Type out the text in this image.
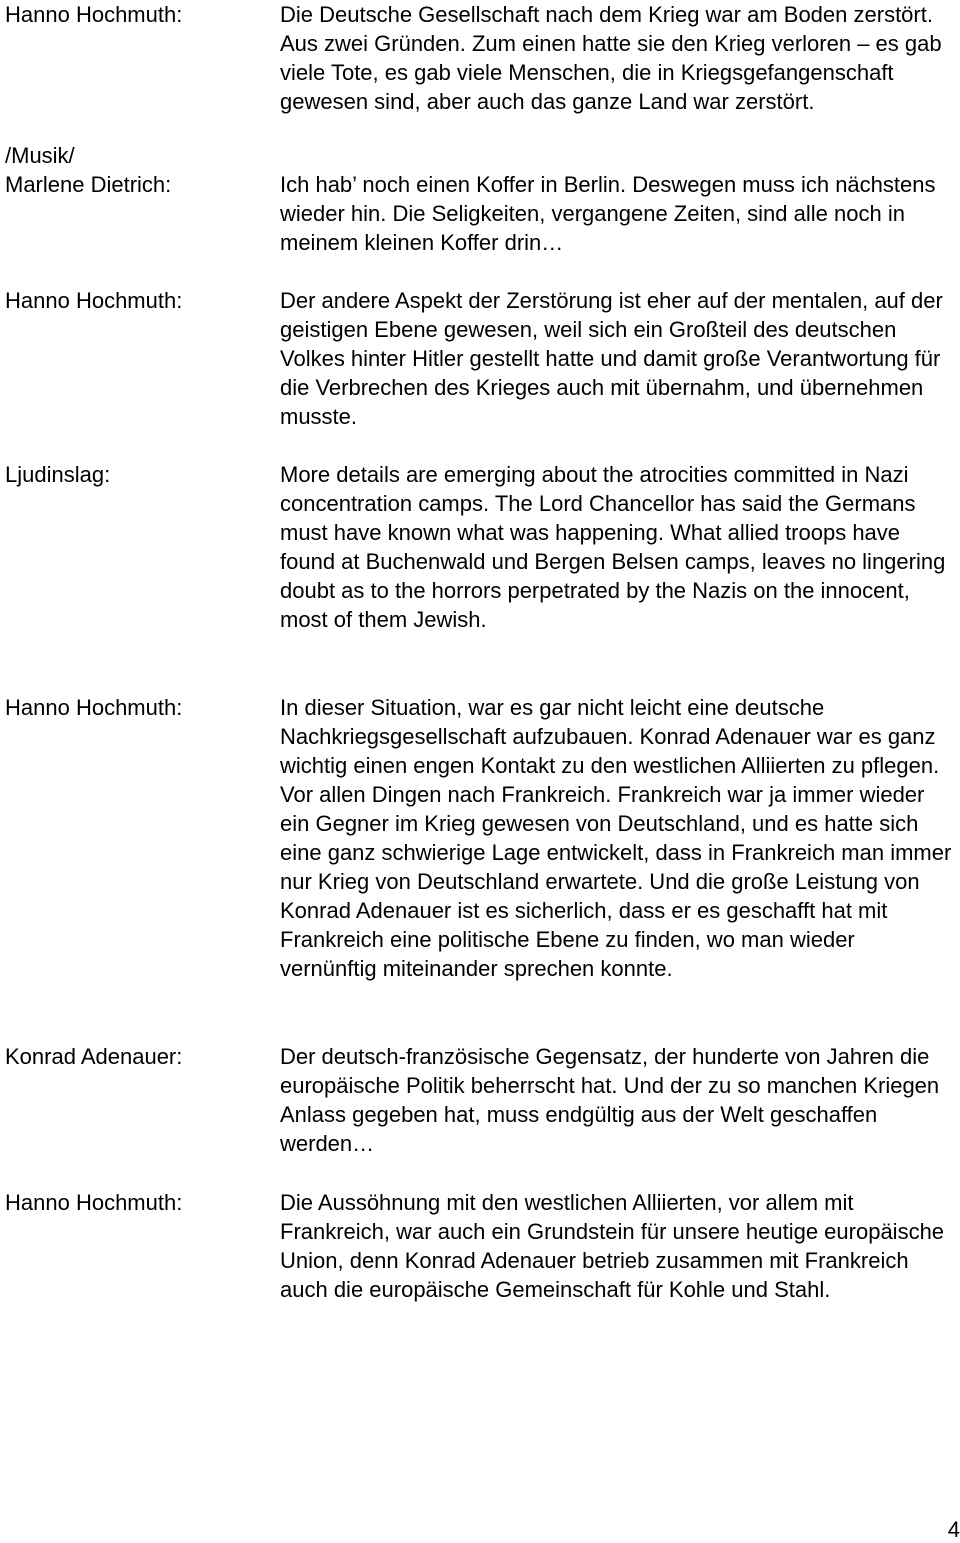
Hanno Hochmuth:	Die Deutsche Gesellschaft nach dem Krieg war am Boden zerstört. Aus zwei Gründen. Zum einen hatte sie den Krieg verloren – es gab viele Tote, es gab viele Menschen, die in Kriegsgefangenschaft gewesen sind, aber auch das ganze Land war zerstört.
/Musik/
Marlene Dietrich:	Ich hab’ noch einen Koffer in Berlin. Deswegen muss ich nächstens wieder hin. Die Seligkeiten, vergangene Zeiten, sind alle noch in meinem kleinen Koffer drin…
Hanno Hochmuth:	Der andere Aspekt der Zerstörung ist eher auf der mentalen, auf der geistigen Ebene gewesen, weil sich ein Großteil des deutschen Volkes hinter Hitler gestellt hatte und damit große Verantwortung für die Verbrechen des Krieges auch mit übernahm, und übernehmen musste.
Ljudinslag:	More details are emerging about the atrocities committed in Nazi concentration camps. The Lord Chancellor has said the Germans must have known what was happening. What allied troops have found at Buchenwald und Bergen Belsen camps, leaves no lingering doubt as to the horrors perpetrated by the Nazis on the innocent, most of them Jewish.
Hanno Hochmuth:	In dieser Situation, war es gar nicht leicht eine deutsche Nachkriegsgesellschaft aufzubauen. Konrad Adenauer war es ganz wichtig einen engen Kontakt zu den westlichen Alliierten zu pflegen. Vor allen Dingen nach Frankreich. Frankreich war ja immer wieder ein Gegner im Krieg gewesen von Deutschland, und es hatte sich eine ganz schwierige Lage entwickelt, dass in Frankreich man immer nur Krieg von Deutschland erwartete. Und die große Leistung von Konrad Adenauer ist es sicherlich, dass er es geschafft hat mit Frankreich eine politische Ebene zu finden, wo man wieder vernünftig miteinander sprechen konnte.
Konrad Adenauer:	Der deutsch-französische Gegensatz, der hunderte von Jahren die europäische Politik beherrscht hat. Und der zu so manchen Kriegen Anlass gegeben hat, muss endgültig aus der Welt geschaffen werden…
Hanno Hochmuth:	Die Aussöhnung mit den westlichen Alliierten, vor allem mit Frankreich, war auch ein Grundstein für unsere heutige europäische Union, denn Konrad Adenauer betrieb zusammen mit Frankreich auch die europäische Gemeinschaft für Kohle und Stahl.
4
